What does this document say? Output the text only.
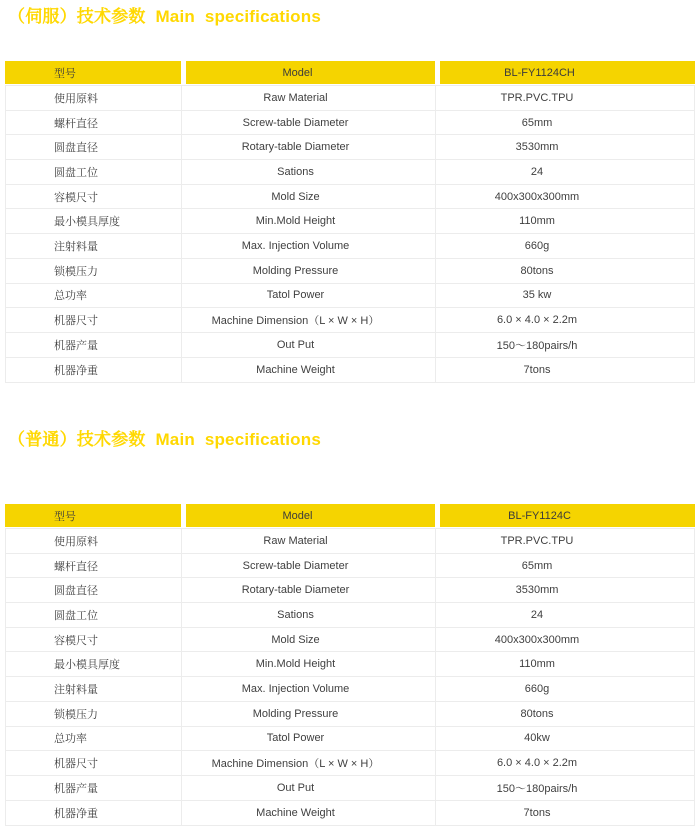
（伺服）技术参数  Main  specifications
型号	Model	BL-FY1124CH
使用原料	Raw Material	TPR.PVC.TPU
螺杆直径	Screw-table Diameter	65mm
圆盘直径	Rotary-table Diameter	3530mm
圆盘工位	Sations	24
容模尺寸	Mold Size	400x300x300mm
最小模具厚度	Min.Mold Height	110mm
注射料量	Max. Injection Volume	660g
锁模压力	Molding Pressure	80tons
总功率	Tatol Power	35 kw
机器尺寸	Machine Dimension（L × W × H）	6.0 × 4.0 × 2.2m
机器产量	Out Put	150～180pairs/h
机器净重	Machine Weight	7tons
（普通）技术参数  Main  specifications
型号	Model	BL-FY1124C
使用原料	Raw Material	TPR.PVC.TPU
螺杆直径	Screw-table Diameter	65mm
圆盘直径	Rotary-table Diameter	3530mm
圆盘工位	Sations	24
容模尺寸	Mold Size	400x300x300mm
最小模具厚度	Min.Mold Height	110mm
注射料量	Max. Injection Volume	660g
锁模压力	Molding Pressure	80tons
总功率	Tatol Power	40kw
机器尺寸	Machine Dimension（L × W × H）	6.0 × 4.0 × 2.2m
机器产量	Out Put	150～180pairs/h
机器净重	Machine Weight	7tons
